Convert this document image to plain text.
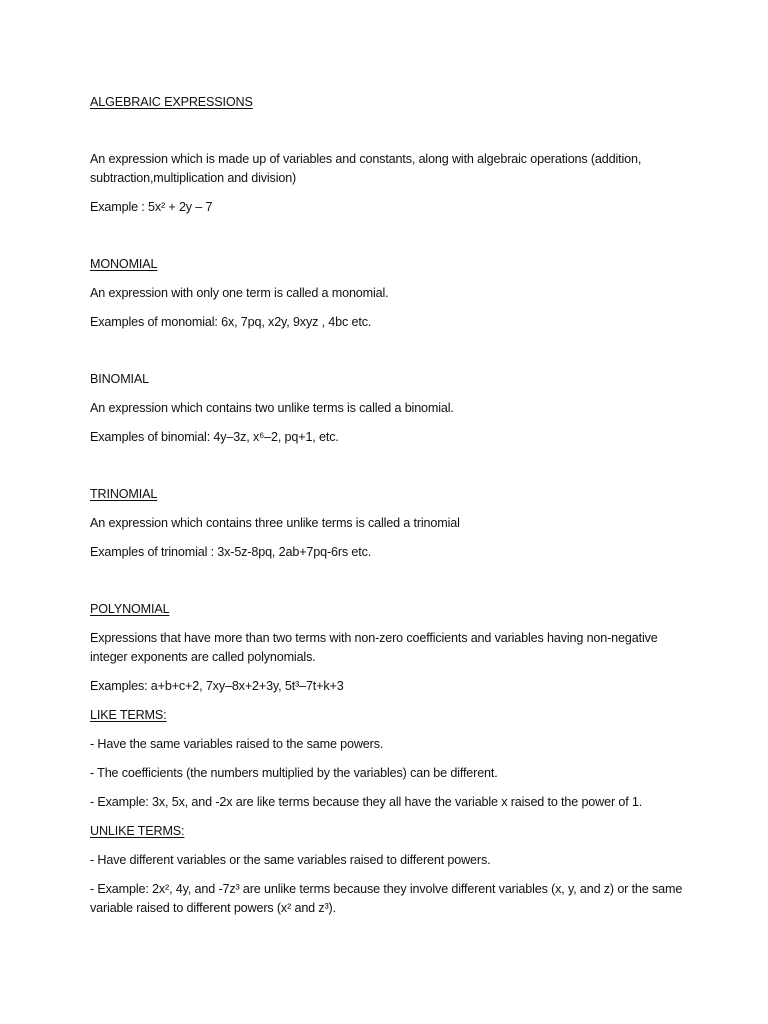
ALGEBRAIC EXPRESSIONS

An expression which is made up of variables and constants, along with algebraic operations (addition, subtraction,multiplication and division)

Example : 5x² + 2y – 7

MONOMIAL

An expression with only one term is called a monomial.

Examples of monomial: 6x, 7pq, x2y, 9xyz , 4bc etc.

BINOMIAL

An expression which contains two unlike terms is called a binomial.

Examples of binomial: 4y–3z, x⁶–2, pq+1, etc.

TRINOMIAL

An expression which contains three unlike terms is called a trinomial

Examples of trinomial : 3x-5z-8pq, 2ab+7pq-6rs etc.

POLYNOMIAL

Expressions that have more than two terms with non-zero coefficients and variables having non-negative integer exponents are called polynomials.

Examples: a+b+c+2, 7xy–8x+2+3y, 5t³–7t+k+3

LIKE TERMS:

- Have the same variables raised to the same powers.

- The coefficients (the numbers multiplied by the variables) can be different.

- Example: 3x, 5x, and -2x are like terms because they all have the variable x raised to the power of 1.

UNLIKE TERMS:

- Have different variables or the same variables raised to different powers.

- Example: 2x², 4y, and -7z³ are unlike terms because they involve different variables (x, y, and z) or the same variable raised to different powers (x² and z³).
